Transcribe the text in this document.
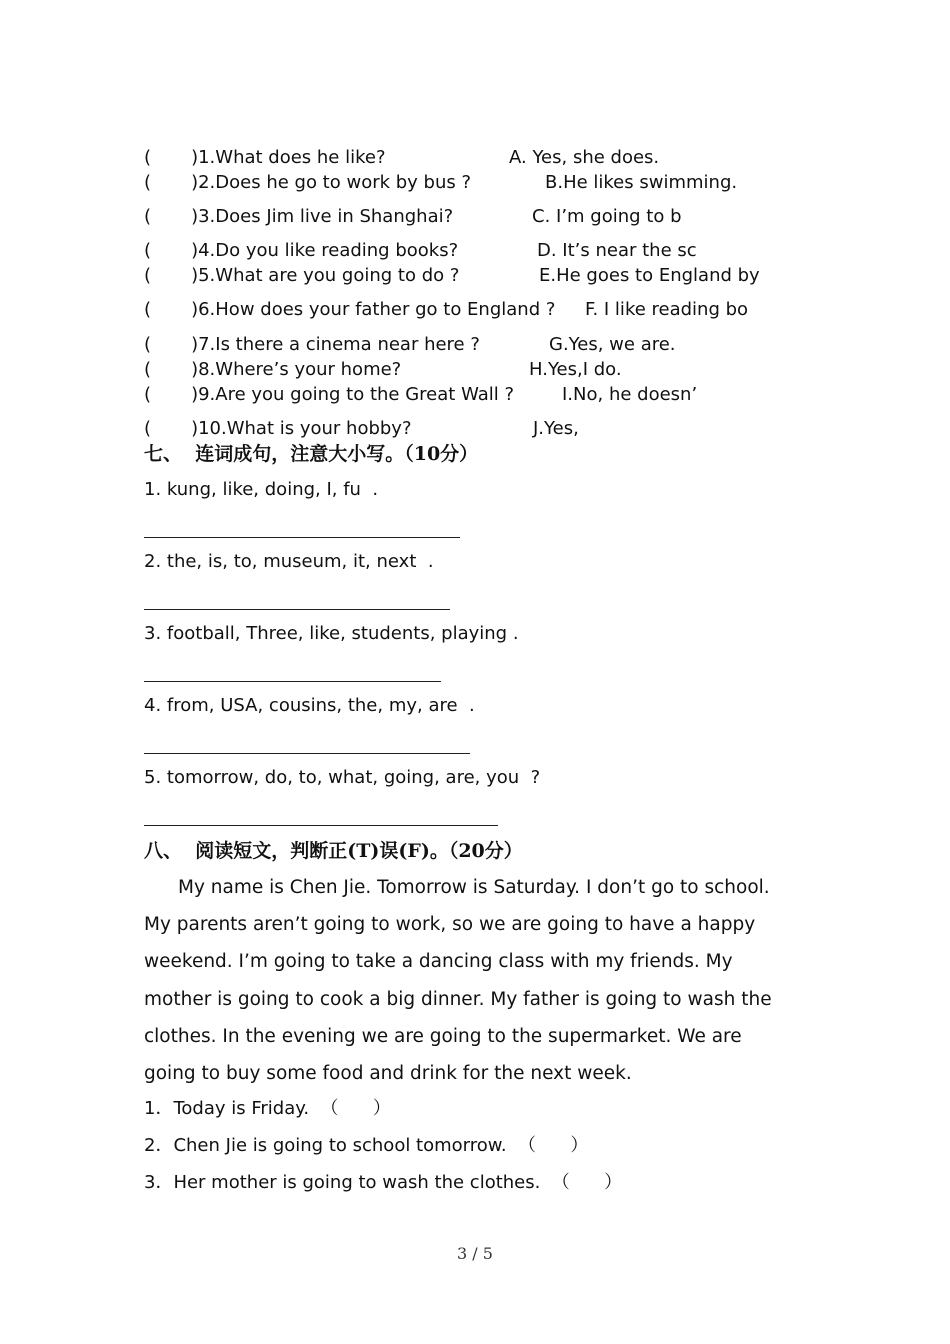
(       )1.What does he like?	A. Yes, she does.
(       )2.Does he go to work by bus ?	B.He likes swimming.
(       )3.Does Jim live in Shanghai?	C. I’m going to b
(       )4.Do you like reading books?	D. It’s near the sc
(       )5.What are you going to do ?	E.He goes to England by
(       )6.How does your father go to England ? F. I like reading bo
(       )7.Is there a cinema near here ?	G.Yes, we are.
(       )8.Where’s your home?	H.Yes,I do.
(       )9.Are you going to the Great Wall ?	I.No, he doesn’
(       )10.What is your hobby?	J.Yes,
七、  连词成句，注意大小写。（10分）
1. kung, like, doing, I, fu  .
2. the, is, to, museum, it, next  .
3. football, Three, like, students, playing .
4. from, USA, cousins, the, my, are  .
5. tomorrow, do, to, what, going, are, you  ?
八、  阅读短文，判断正(T)误(F)。（20分）
My name is Chen Jie. Tomorrow is Saturday. I don’t go to school.
My parents aren’t going to work, so we are going to have a happy
weekend. I’m going to take a dancing class with my friends. My
mother is going to cook a big dinner. My father is going to wash the
clothes. In the evening we are going to the supermarket. We are
going to buy some food and drink for the next week.
1．Today is Friday.  （      ）
2．Chen Jie is going to school tomorrow.  （      ）
3．Her mother is going to wash the clothes.  （      ）
3 / 5
